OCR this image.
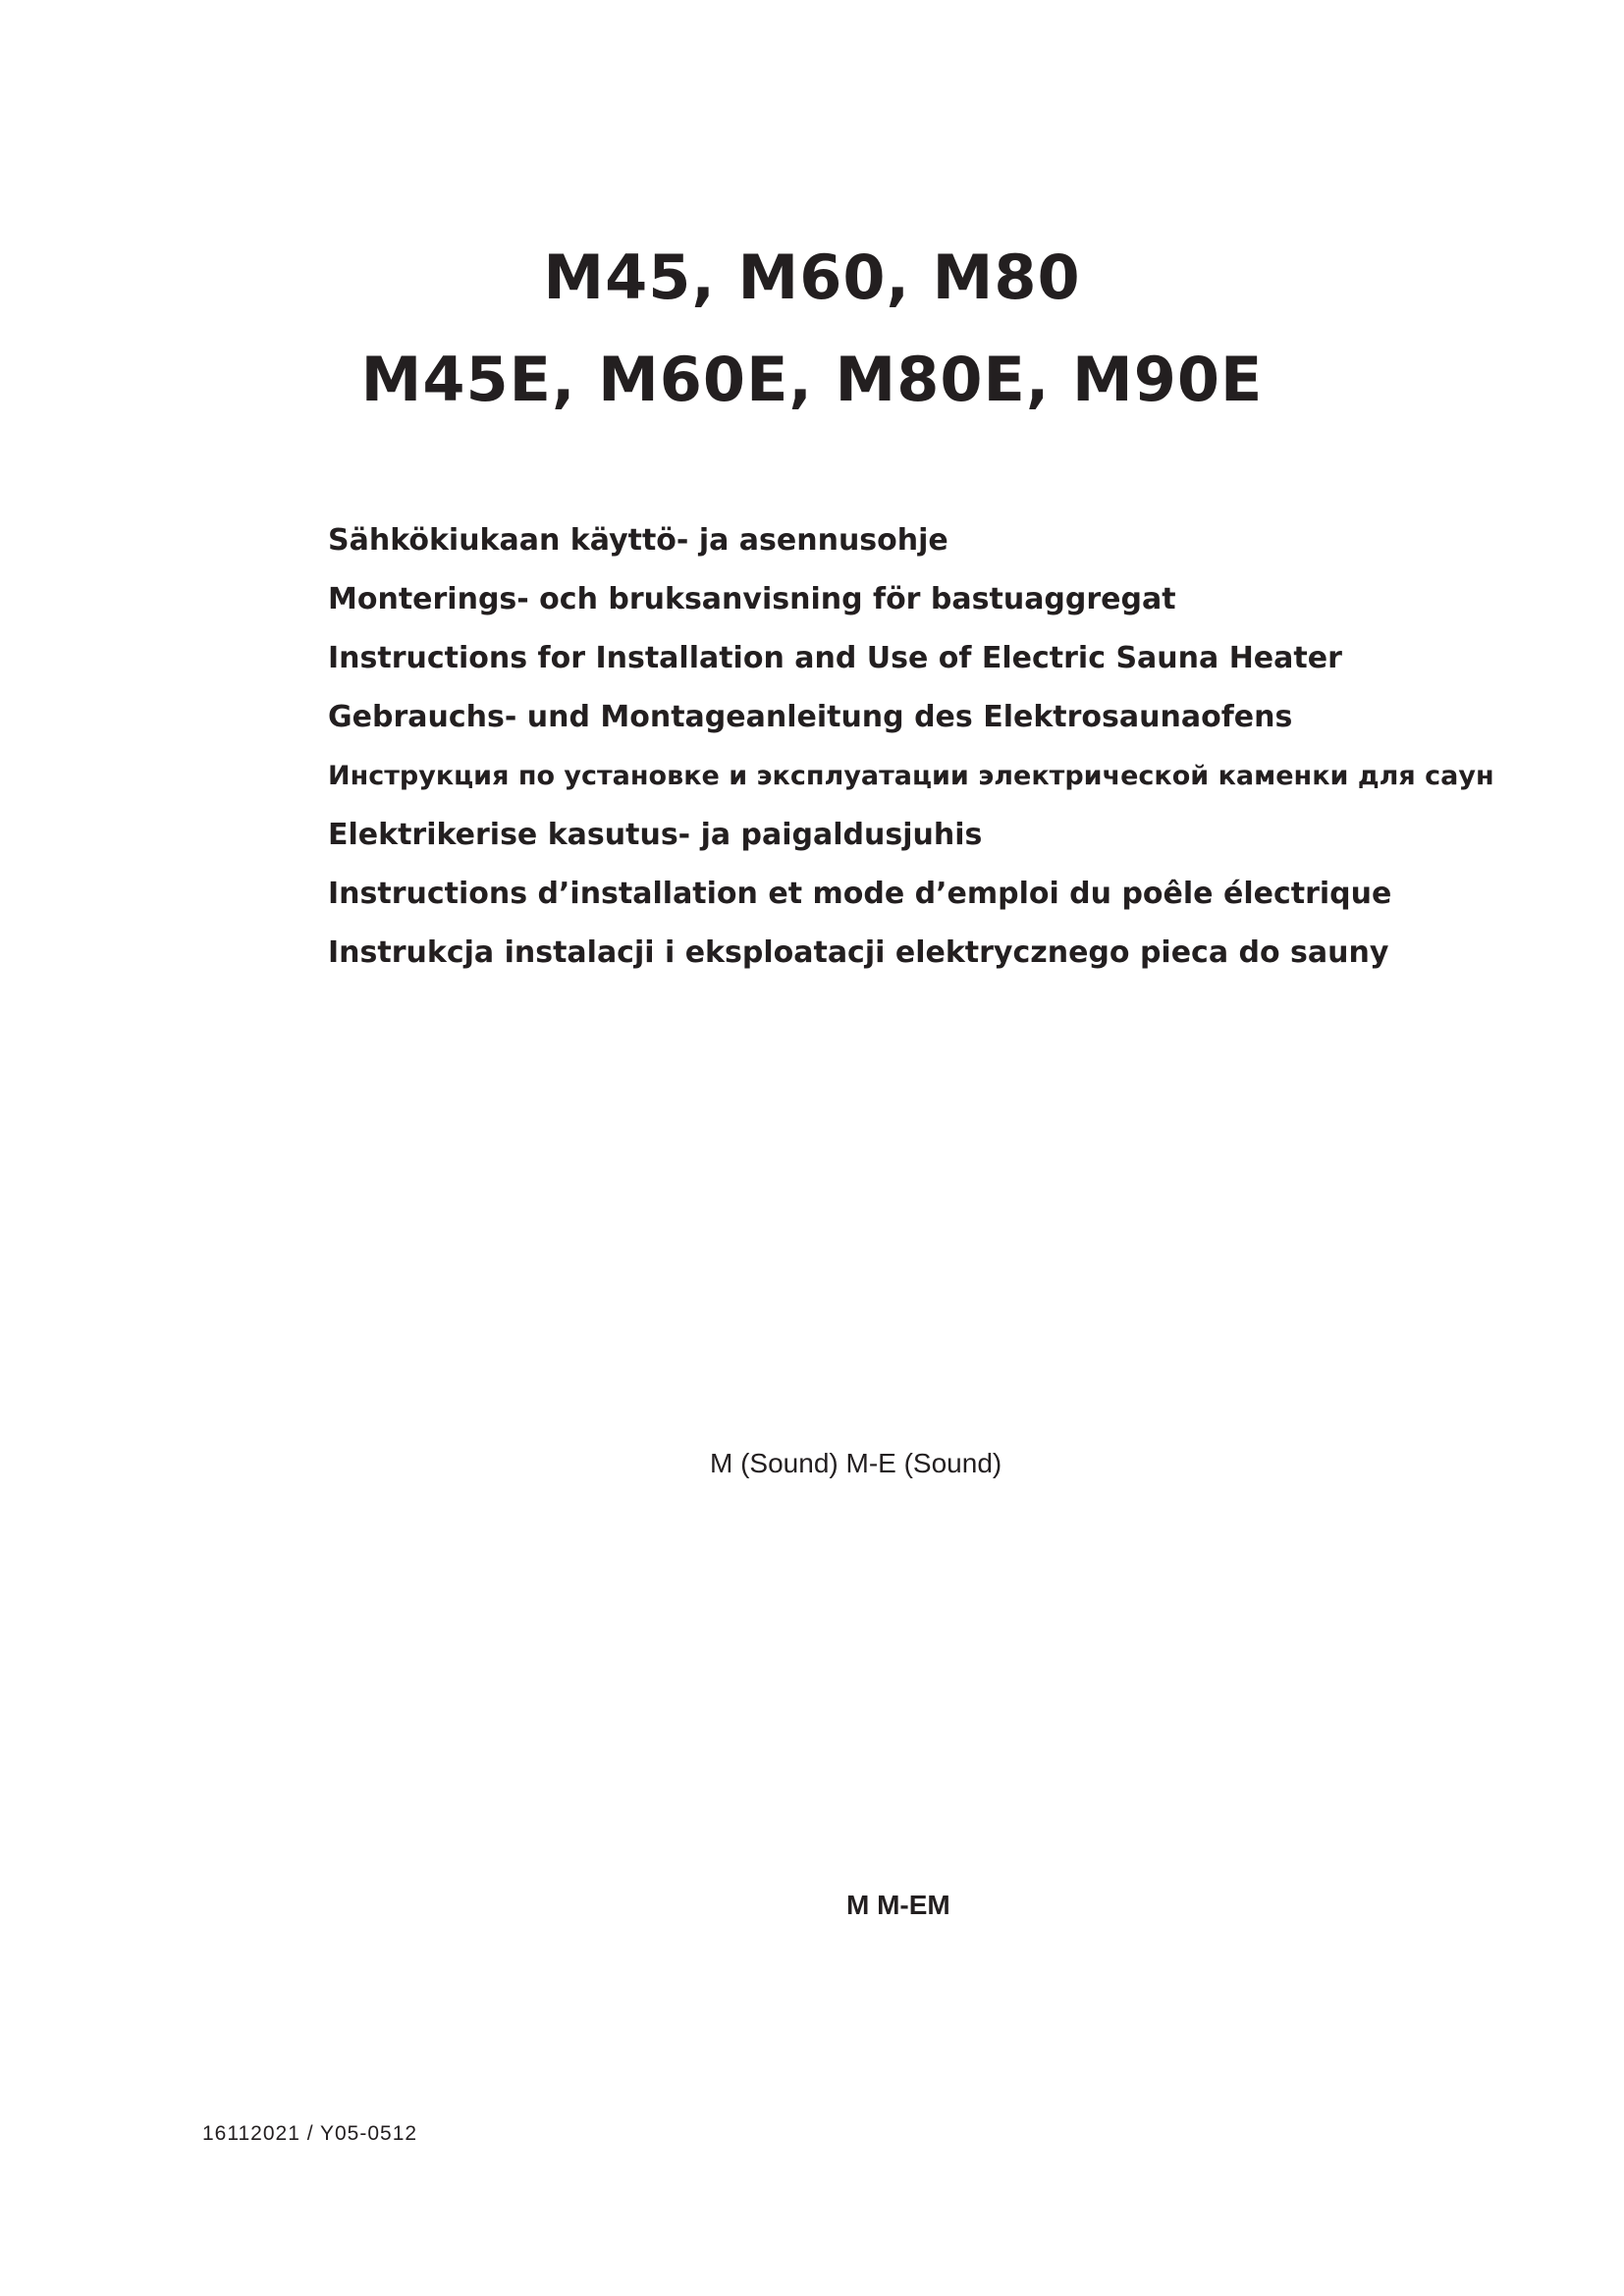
M45, M60, M80
M45E, M60E, M80E, M90E
Sähkökiukaan käyttö- ja asennusohje
Monterings- och bruksanvisning för bastuaggregat
Instructions for Installation and Use of Electric Sauna Heater
Gebrauchs- und Montageanleitung des Elektrosaunaofens
Инструкция по установке и эксплуатации электрической каменки для саун
Elektrikerise kasutus- ja paigaldusjuhis
Instructions d’installation et mode d’emploi du poêle électrique
Instrukcja instalacji i eksploatacji elektrycznego pieca do sauny

M (Sound) M-E (Sound)

M M-EM

16112021 / Y05-0512
